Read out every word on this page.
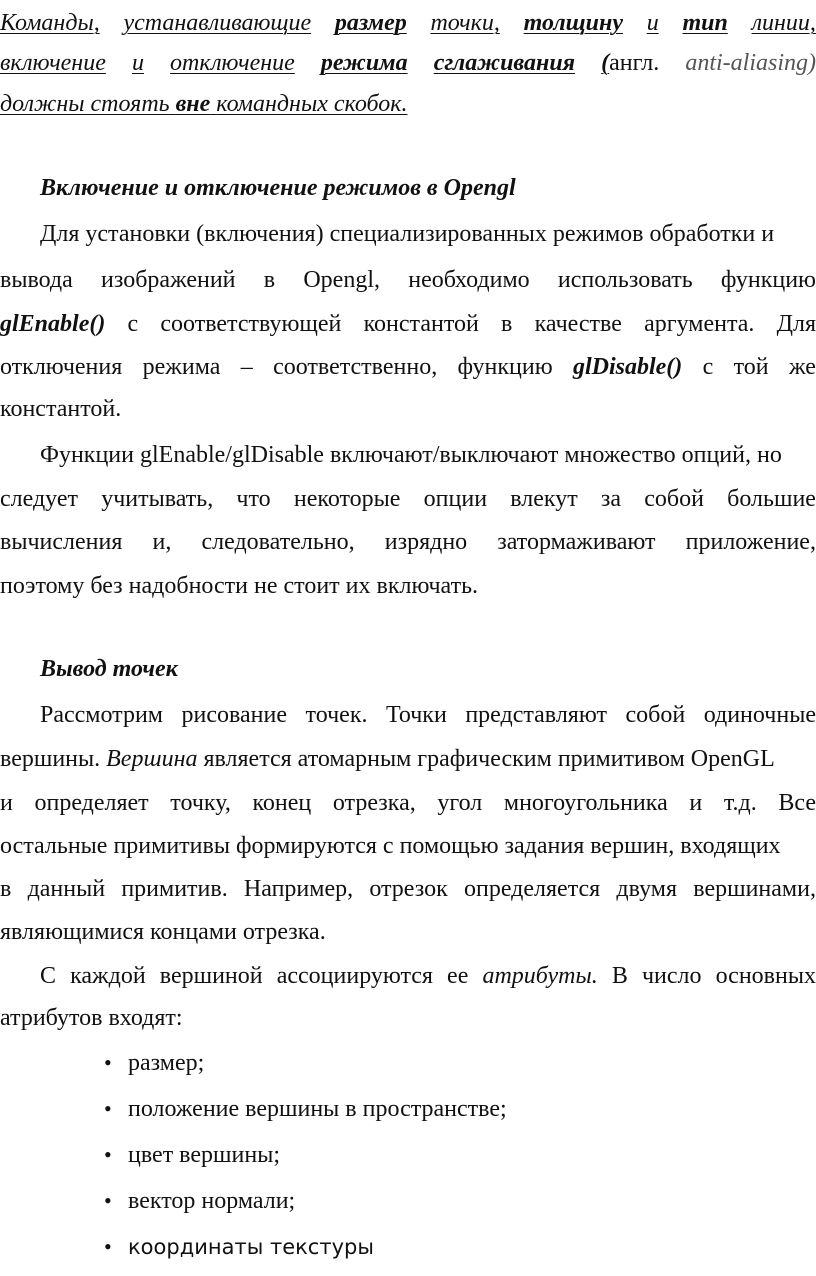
Команды, устанавливающие размер точки, толщину и тип линии,
включение и отключение режима сглаживания ( англ. anti-aliasing)
должны стоять
вне
командных скобок.
Включение и отключение режимов в Opengl
Для установки (включения) специализированных режимов обработки и
вывода изображений в Opengl, необходимо использовать функцию
glEnable() с соответствующей константой в качестве аргумента. Для
отключения режима – соответственно, функцию glDisable() с той же
константой.
Функции glEnable/glDisable включают/выключают множество опций, но
следует учитывать, что некоторые опции влекут за собой большие
вычисления и, следовательно, изрядно затормаживают приложение,
поэтому без надобности не стоит их включать.
Вывод точек
Рассмотрим рисование точек. Точки представляют собой одиночные
вершины. Вершина является атомарным графическим примитивом OpenGL
и определяет точку, конец отрезка, угол многоугольника и т.д. Все
остальные примитивы формируются с помощью задания вершин, входящих
в данный примитив. Например, отрезок определяется двумя вершинами,
являющимися концами отрезка.
С каждой вершиной ассоциируются ее атрибуты. В число основных
атрибутов входят:
• размер;
• положение вершины в пространстве;
• цвет вершины;
• вектор нормали;
• координаты текстуры
